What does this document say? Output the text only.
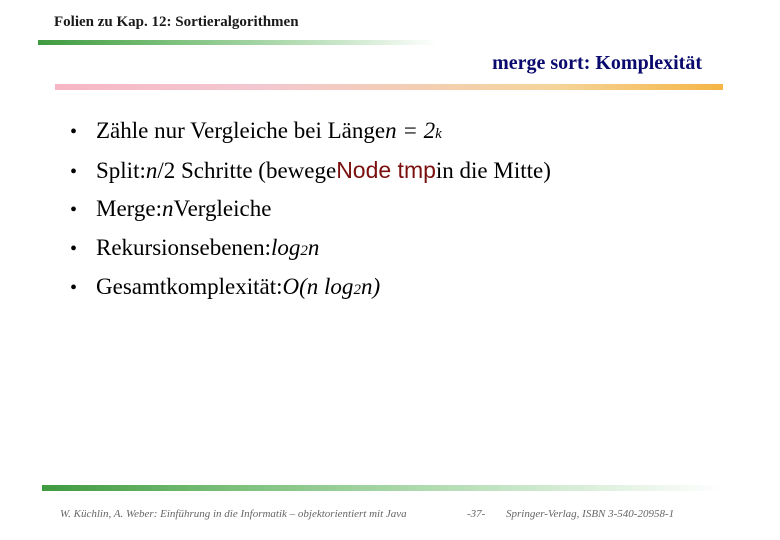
Folien zu Kap. 12: Sortieralgorithmen
merge sort: Komplexität
• Zähle nur Vergleiche bei Länge n = 2 k
• Split: n /2 Schritte (bewege Node tmp in die Mitte)
• Merge: n Vergleiche
• Rekursionsebenen: log 2 n
• Gesamtkomplexität: O(n log 2 n)
W. Küchlin, A. Weber: Einführung in die Informatik – objektorientiert mit Java	-37- Springer-Verlag, ISBN 3-540-20958-1
